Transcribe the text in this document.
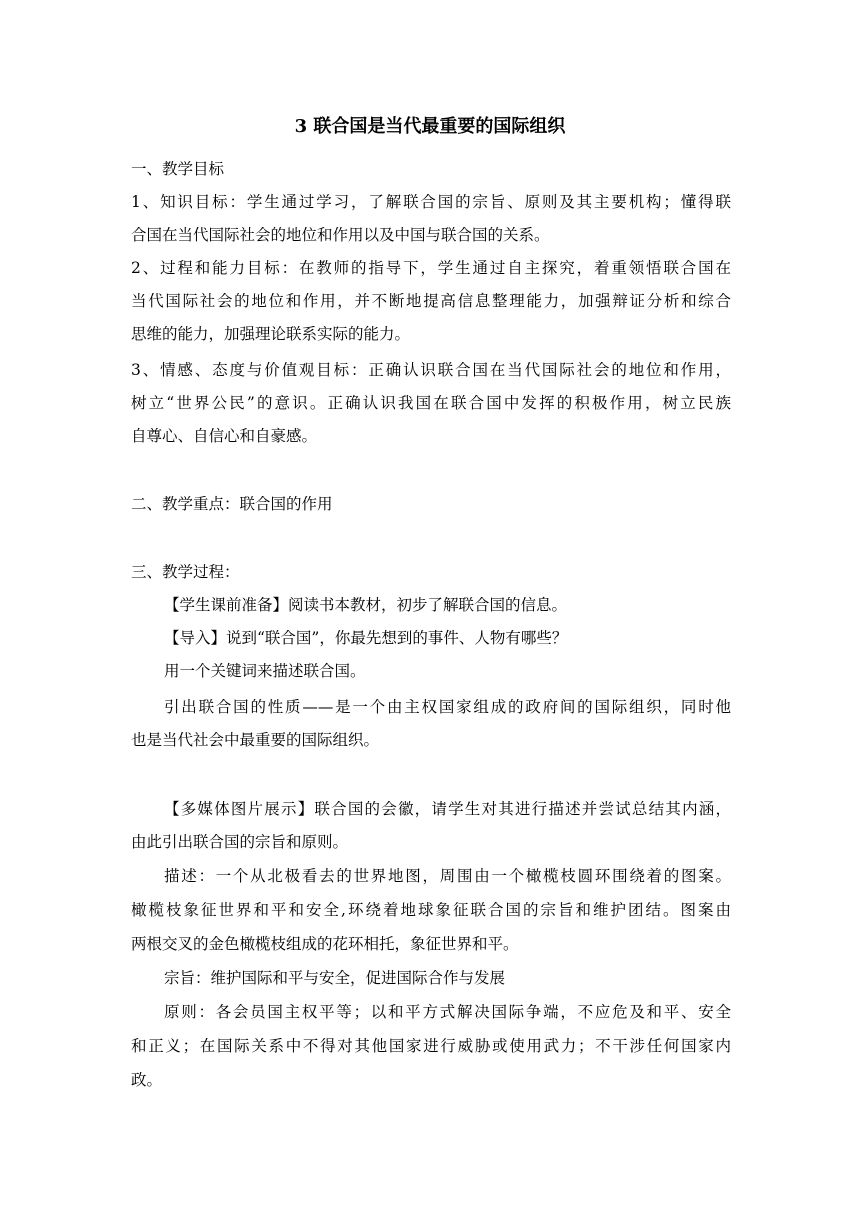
3 联合国是当代最重要的国际组织
一、教学目标
1、知识目标：学生通过学习，了解联合国的宗旨、原则及其主要机构；懂得联
合国在当代国际社会的地位和作用以及中国与联合国的关系。
2、过程和能力目标：在教师的指导下，学生通过自主探究，着重领悟联合国在
当代国际社会的地位和作用，并不断地提高信息整理能力，加强辩证分析和综合
思维的能力，加强理论联系实际的能力。
3、情感、态度与价值观目标：正确认识联合国在当代国际社会的地位和作用，
树立“世界公民”的意识。正确认识我国在联合国中发挥的积极作用，树立民族
自尊心、自信心和自豪感。
二、教学重点：联合国的作用
三、教学过程：
【学生课前准备】阅读书本教材，初步了解联合国的信息。
【导入】说到“联合国”，你最先想到的事件、人物有哪些？
用一个关键词来描述联合国。
引出联合国的性质——是一个由主权国家组成的政府间的国际组织，同时他
也是当代社会中最重要的国际组织。
【多媒体图片展示】联合国的会徽，请学生对其进行描述并尝试总结其内涵，
由此引出联合国的宗旨和原则。
描述：一个从北极看去的世界地图，周围由一个橄榄枝圆环围绕着的图案。
橄榄枝象征世界和平和安全,环绕着地球象征联合国的宗旨和维护团结。图案由
两根交叉的金色橄榄枝组成的花环相托，象征世界和平。
宗旨：维护国际和平与安全，促进国际合作与发展
原则：各会员国主权平等；以和平方式解决国际争端，不应危及和平、安全
和正义；在国际关系中不得对其他国家进行威胁或使用武力；不干涉任何国家内
政。
